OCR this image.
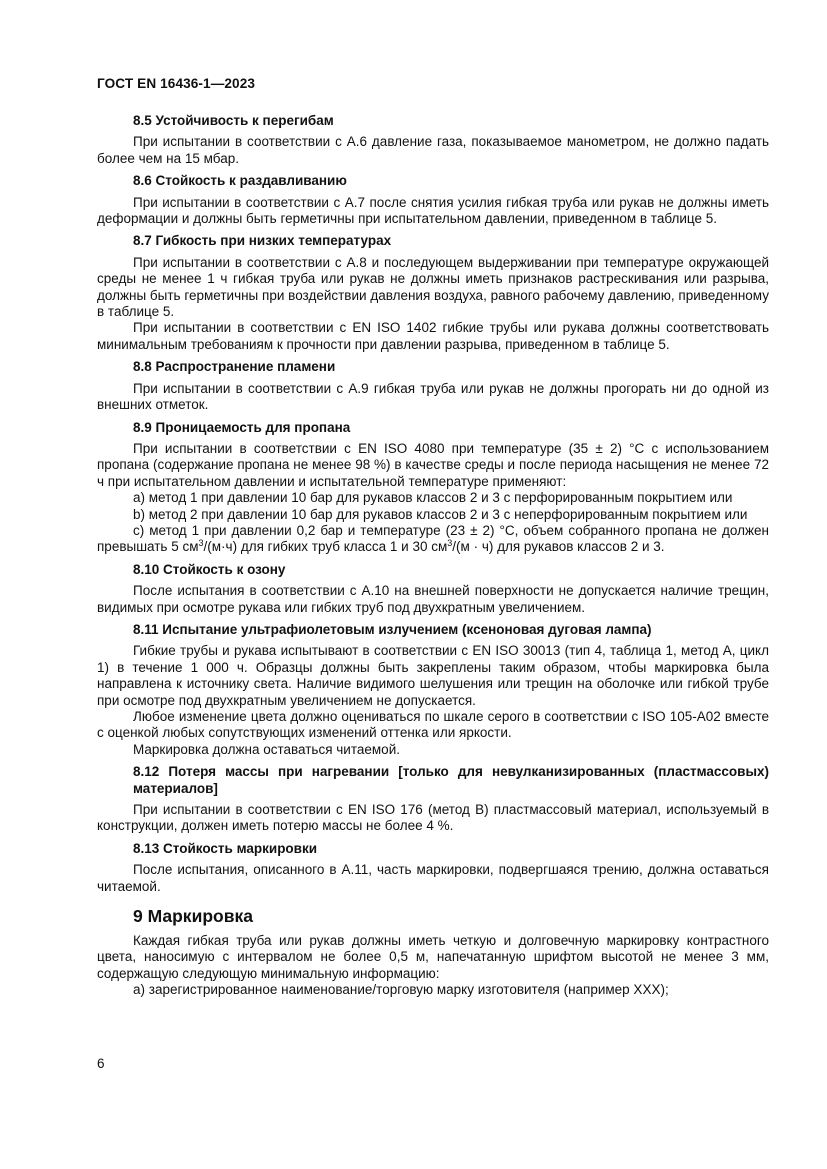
ГОСТ EN 16436-1—2023
8.5 Устойчивость к перегибам

При испытании в соответствии с А.6 давление газа, показываемое манометром, не должно падать более чем на 15 мбар.

8.6 Стойкость к раздавливанию

При испытании в соответствии с А.7 после снятия усилия гибкая труба или рукав не должны иметь деформации и должны быть герметичны при испытательном давлении, приведенном в таблице 5.

8.7 Гибкость при низких температурах

При испытании в соответствии с А.8 и последующем выдерживании при температуре окружающей среды не менее 1 ч гибкая труба или рукав не должны иметь признаков растрескивания или разрыва, должны быть герметичны при воздействии давления воздуха, равного рабочему давлению, приведенному в таблице 5.

При испытании в соответствии с EN ISO 1402 гибкие трубы или рукава должны соответствовать минимальным требованиям к прочности при давлении разрыва, приведенном в таблице 5.

8.8 Распространение пламени

При испытании в соответствии с А.9 гибкая труба или рукав не должны прогорать ни до одной из внешних отметок.

8.9 Проницаемость для пропана

При испытании в соответствии с EN ISO 4080 при температуре (35 ± 2) °С с использованием пропана (содержание пропана не менее 98 %) в качестве среды и после периода насыщения не менее 72 ч при испытательном давлении и испытательной температуре применяют:

a) метод 1 при давлении 10 бар для рукавов классов 2 и 3 с перфорированным покрытием или

b) метод 2 при давлении 10 бар для рукавов классов 2 и 3 с неперфорированным покрытием или

c) метод 1 при давлении 0,2 бар и температуре (23 ± 2) °С, объем собранного пропана не должен превышать 5 $см^3/(м\cdot ч)$ для гибких труб класса 1 и 30 $см^3/(м \cdot ч)$ для рукавов классов 2 и 3.

8.10 Стойкость к озону

После испытания в соответствии с А.10 на внешней поверхности не допускается наличие трещин, видимых при осмотре рукава или гибких труб под двухкратным увеличением.

8.11 Испытание ультрафиолетовым излучением (ксеноновая дуговая лампа)

Гибкие трубы и рукава испытывают в соответствии с EN ISO 30013 (тип 4, таблица 1, метод А, цикл 1) в течение 1 000 ч. Образцы должны быть закреплены таким образом, чтобы маркировка была направлена к источнику света. Наличие видимого шелушения или трещин на оболочке или гибкой трубе при осмотре под двухкратным увеличением не допускается.

Любое изменение цвета должно оцениваться по шкале серого в соответствии с ISO 105-A02 вместе с оценкой любых сопутствующих изменений оттенка или яркости.

Маркировка должна оставаться читаемой.

8.12 Потеря массы при нагревании [только для невулканизированных (пластмассовых) материалов]

При испытании в соответствии с EN ISO 176 (метод В) пластмассовый материал, используемый в конструкции, должен иметь потерю массы не более 4 %.

8.13 Стойкость маркировки

После испытания, описанного в А.11, часть маркировки, подвергшаяся трению, должна оставаться читаемой.

9 Маркировка

Каждая гибкая труба или рукав должны иметь четкую и долговечную маркировку контрастного цвета, наносимую с интервалом не более 0,5 м, напечатанную шрифтом высотой не менее 3 мм, содержащую следующую минимальную информацию:

a) зарегистрированное наименование/торговую марку изготовителя (например ХХХ);

6
